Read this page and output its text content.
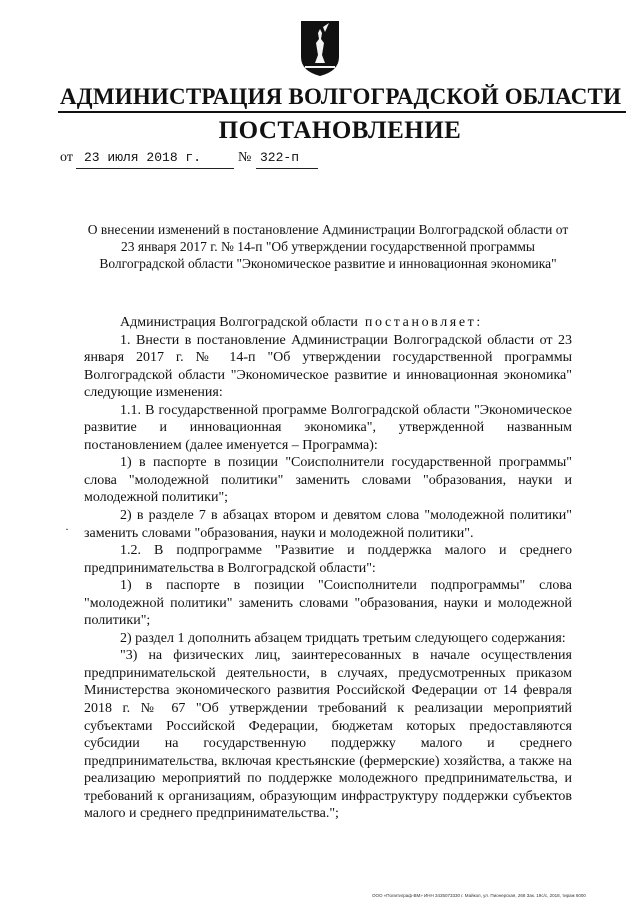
АДМИНИСТРАЦИЯ ВОЛГОГРАДСКОЙ ОБЛАСТИ
ПОСТАНОВЛЕНИЕ
от 23 июля 2018 г.	№ 322-п
О внесении изменений в постановление Администрации Волгоградской области от 23 января 2017 г. № 14-п "Об утверждении государственной программы Волгоградской области "Экономическое развитие и инновационная экономика"

Администрация Волгоградской области постановляет:

1. Внести в постановление Администрации Волгоградской области от 23 января 2017 г. № 14-п "Об утверждении государственной программы Волгоградской области "Экономическое развитие и инновационная экономика" следующие изменения:

1.1. В государственной программе Волгоградской области "Экономическое развитие и инновационная экономика", утвержденной названным постановлением (далее именуется – Программа):

1) в паспорте в позиции "Соисполнители государственной программы" слова "молодежной политики" заменить словами "образования, науки и молодежной политики";

2) в разделе 7 в абзацах втором и девятом слова "молодежной политики" заменить словами "образования, науки и молодежной политики".

1.2. В подпрограмме "Развитие и поддержка малого и среднего предпринимательства в Волгоградской области":

1) в паспорте в позиции "Соисполнители подпрограммы" слова "молодежной политики" заменить словами "образования, науки и молодежной политики";

2) раздел 1 дополнить абзацем тридцать третьим следующего содержания:

"3) на физических лиц, заинтересованных в начале осуществления предпринимательской деятельности, в случаях, предусмотренных приказом Министерства экономического развития Российской Федерации от 14 февраля 2018 г. № 67 "Об утверждении требований к реализации мероприятий субъектами Российской Федерации, бюджетам которых предоставляются субсидии на государственную поддержку малого и среднего предпринимательства, включая крестьянские (фермерские) хозяйства, а также на реализацию мероприятий по поддержке молодежного предпринимательства, и требований к организациям, образующим инфраструктуру поддержки субъектов малого и среднего предпринимательства.";

·
ООО «Политиграф-ВМ» ИНН 3435073330 г. Майкоп, ул. Пионерская, 268 Зак. 19с/с, 2018, тираж 6000
